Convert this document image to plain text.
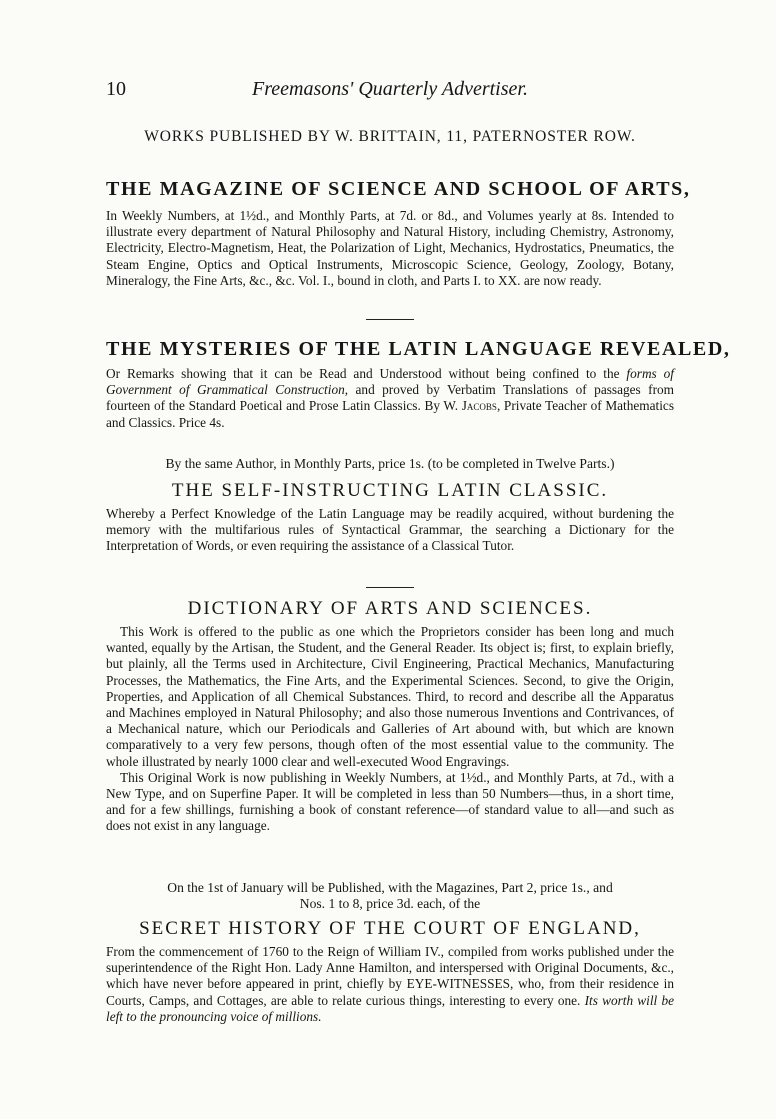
10	Freemasons' Quarterly Advertiser.
WORKS PUBLISHED BY W. BRITTAIN, 11, PATERNOSTER ROW.
THE MAGAZINE OF SCIENCE AND SCHOOL OF ARTS,

In Weekly Numbers, at 1½d., and Monthly Parts, at 7d. or 8d., and Volumes yearly at 8s. Intended to illustrate every department of Natural Philosophy and Natural History, including Chemistry, Astronomy, Electricity, Electro-Magnetism, Heat, the Polarization of Light, Mechanics, Hydrostatics, Pneumatics, the Steam Engine, Optics and Optical Instruments, Microscopic Science, Geology, Zoology, Botany, Mineralogy, the Fine Arts, &c., &c. Vol. I., bound in cloth, and Parts I. to XX. are now ready.

THE MYSTERIES OF THE LATIN LANGUAGE REVEALED,

Or Remarks showing that it can be Read and Understood without being confined to the forms of Government of Grammatical Construction, and proved by Verbatim Translations of passages from fourteen of the Standard Poetical and Prose Latin Classics. By W. Jacobs, Private Teacher of Mathematics and Classics. Price 4s.

By the same Author, in Monthly Parts, price 1s. (to be completed in Twelve Parts.)
THE SELF-INSTRUCTING LATIN CLASSIC.

Whereby a Perfect Knowledge of the Latin Language may be readily acquired, without burdening the memory with the multifarious rules of Syntactical Grammar, the searching a Dictionary for the Interpretation of Words, or even requiring the assistance of a Classical Tutor.

DICTIONARY OF ARTS AND SCIENCES.

This Work is offered to the public as one which the Proprietors consider has been long and much wanted, equally by the Artisan, the Student, and the General Reader. Its object is; first, to explain briefly, but plainly, all the Terms used in Architecture, Civil Engineering, Practical Mechanics, Manufacturing Processes, the Mathematics, the Fine Arts, and the Experimental Sciences. Second, to give the Origin, Properties, and Application of all Chemical Substances. Third, to record and describe all the Apparatus and Machines employed in Natural Philosophy; and also those numerous Inventions and Contrivances, of a Mechanical nature, which our Periodicals and Galleries of Art abound with, but which are known comparatively to a very few persons, though often of the most essential value to the community. The whole illustrated by nearly 1000 clear and well-executed Wood Engravings.

This Original Work is now publishing in Weekly Numbers, at 1½d., and Monthly Parts, at 7d., with a New Type, and on Superfine Paper. It will be completed in less than 50 Numbers—thus, in a short time, and for a few shillings, furnishing a book of constant reference—of standard value to all—and such as does not exist in any language.

On the 1st of January will be Published, with the Magazines, Part 2, price 1s., and

Nos. 1 to 8, price 3d. each, of the

SECRET HISTORY OF THE COURT OF ENGLAND,

From the commencement of 1760 to the Reign of William IV., compiled from works published under the superintendence of the Right Hon. Lady Anne Hamilton, and interspersed with Original Documents, &c., which have never before appeared in print, chiefly by EYE-WITNESSES, who, from their residence in Courts, Camps, and Cottages, are able to relate curious things, interesting to every one. Its worth will be left to the pronouncing voice of millions.
